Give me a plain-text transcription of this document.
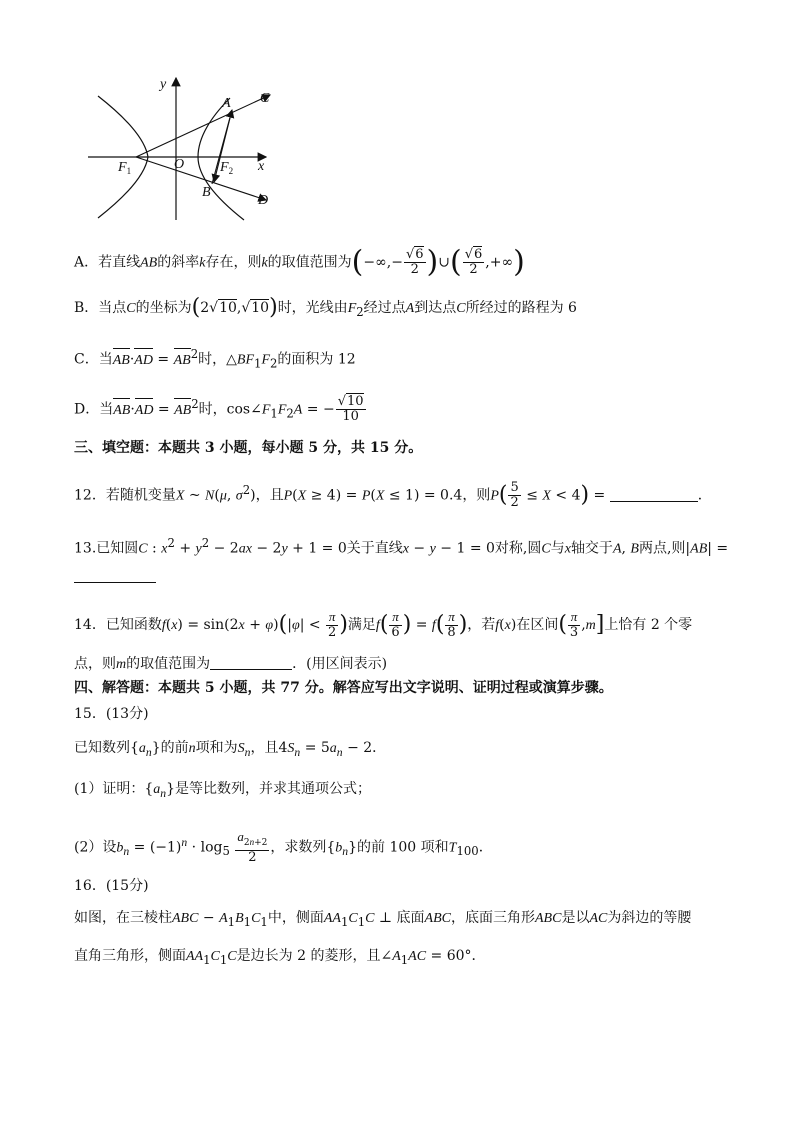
y
x
O
A C
B
D
$F_1$	$F_2$
A．若直线AB的斜率k存在，则k的取值范围为(−∞,− $\frac{√6}{2}$ )∪( $\frac{√6}{2}$ ,+∞)
B．当点C的坐标为(2√10,√10)时，光线由$F_2$经过点A到达点C所经过的路程为 6
C．当$AB\cdot AD = AB^2$时，$\triangle BF_1F_2$的面积为 12
D．当$AB\cdot AD = AB^2$时，$\cos\angle F_1F_2A$ = − $\frac{√10}{10}$
三、填空题：本题共 3 小题，每小题 5 分，共 15 分。
12．若随机变量X ~ N(μ, $\sigma^2$)，且P(X ≥ 4) = P(X ≤ 1) = 0.4，则$P( \frac{5}{2} \le X < 4)$ =	．
13.已知圆C : $x^2 + y^2 - 2ax - 2y + 1 = 0$关于直线x − y − 1 = 0对称,圆C与x轴交于A, B两点,则|AB| =
14．已知函数$f(x) = \sin(2x + \varphi)(|\varphi| < \frac{\pi}{2}$ )满足$f( \frac{\pi}{6}$ ) = $f( \frac{\pi}{8}$ )，若f(x)在区间( $\frac{\pi}{3} ,m$]上恰有 2 个零
点，则m的取值范围为	．(用区间表示)
四、解答题：本题共 5 小题，共 77 分。解答应写出文字说明、证明过程或演算步骤。
15．(13分)
已知数列$\{a_n\}$的前n项和为$S_n$，且$4S_n = 5a_n - 2$．
(1）证明：$\{a_n\}$是等比数列，并求其通项公式；
(2）设$b_n = (-1)^n \cdot \log_5 \frac{a_{2n+2}}{2}$ ，求数列$\{b_n\}$的前 100 项和$T_{100}$．
16．(15分)
如图，在三棱柱ABC − $A_1B_1C_1$中，侧面$AA_1C_1C$ ⊥ 底面ABC，底面三角形ABC是以AC为斜边的等腰
直角三角形，侧面$AA_1C_1C$是边长为 2 的菱形，且$\angle A_1AC = 60^\circ$．
